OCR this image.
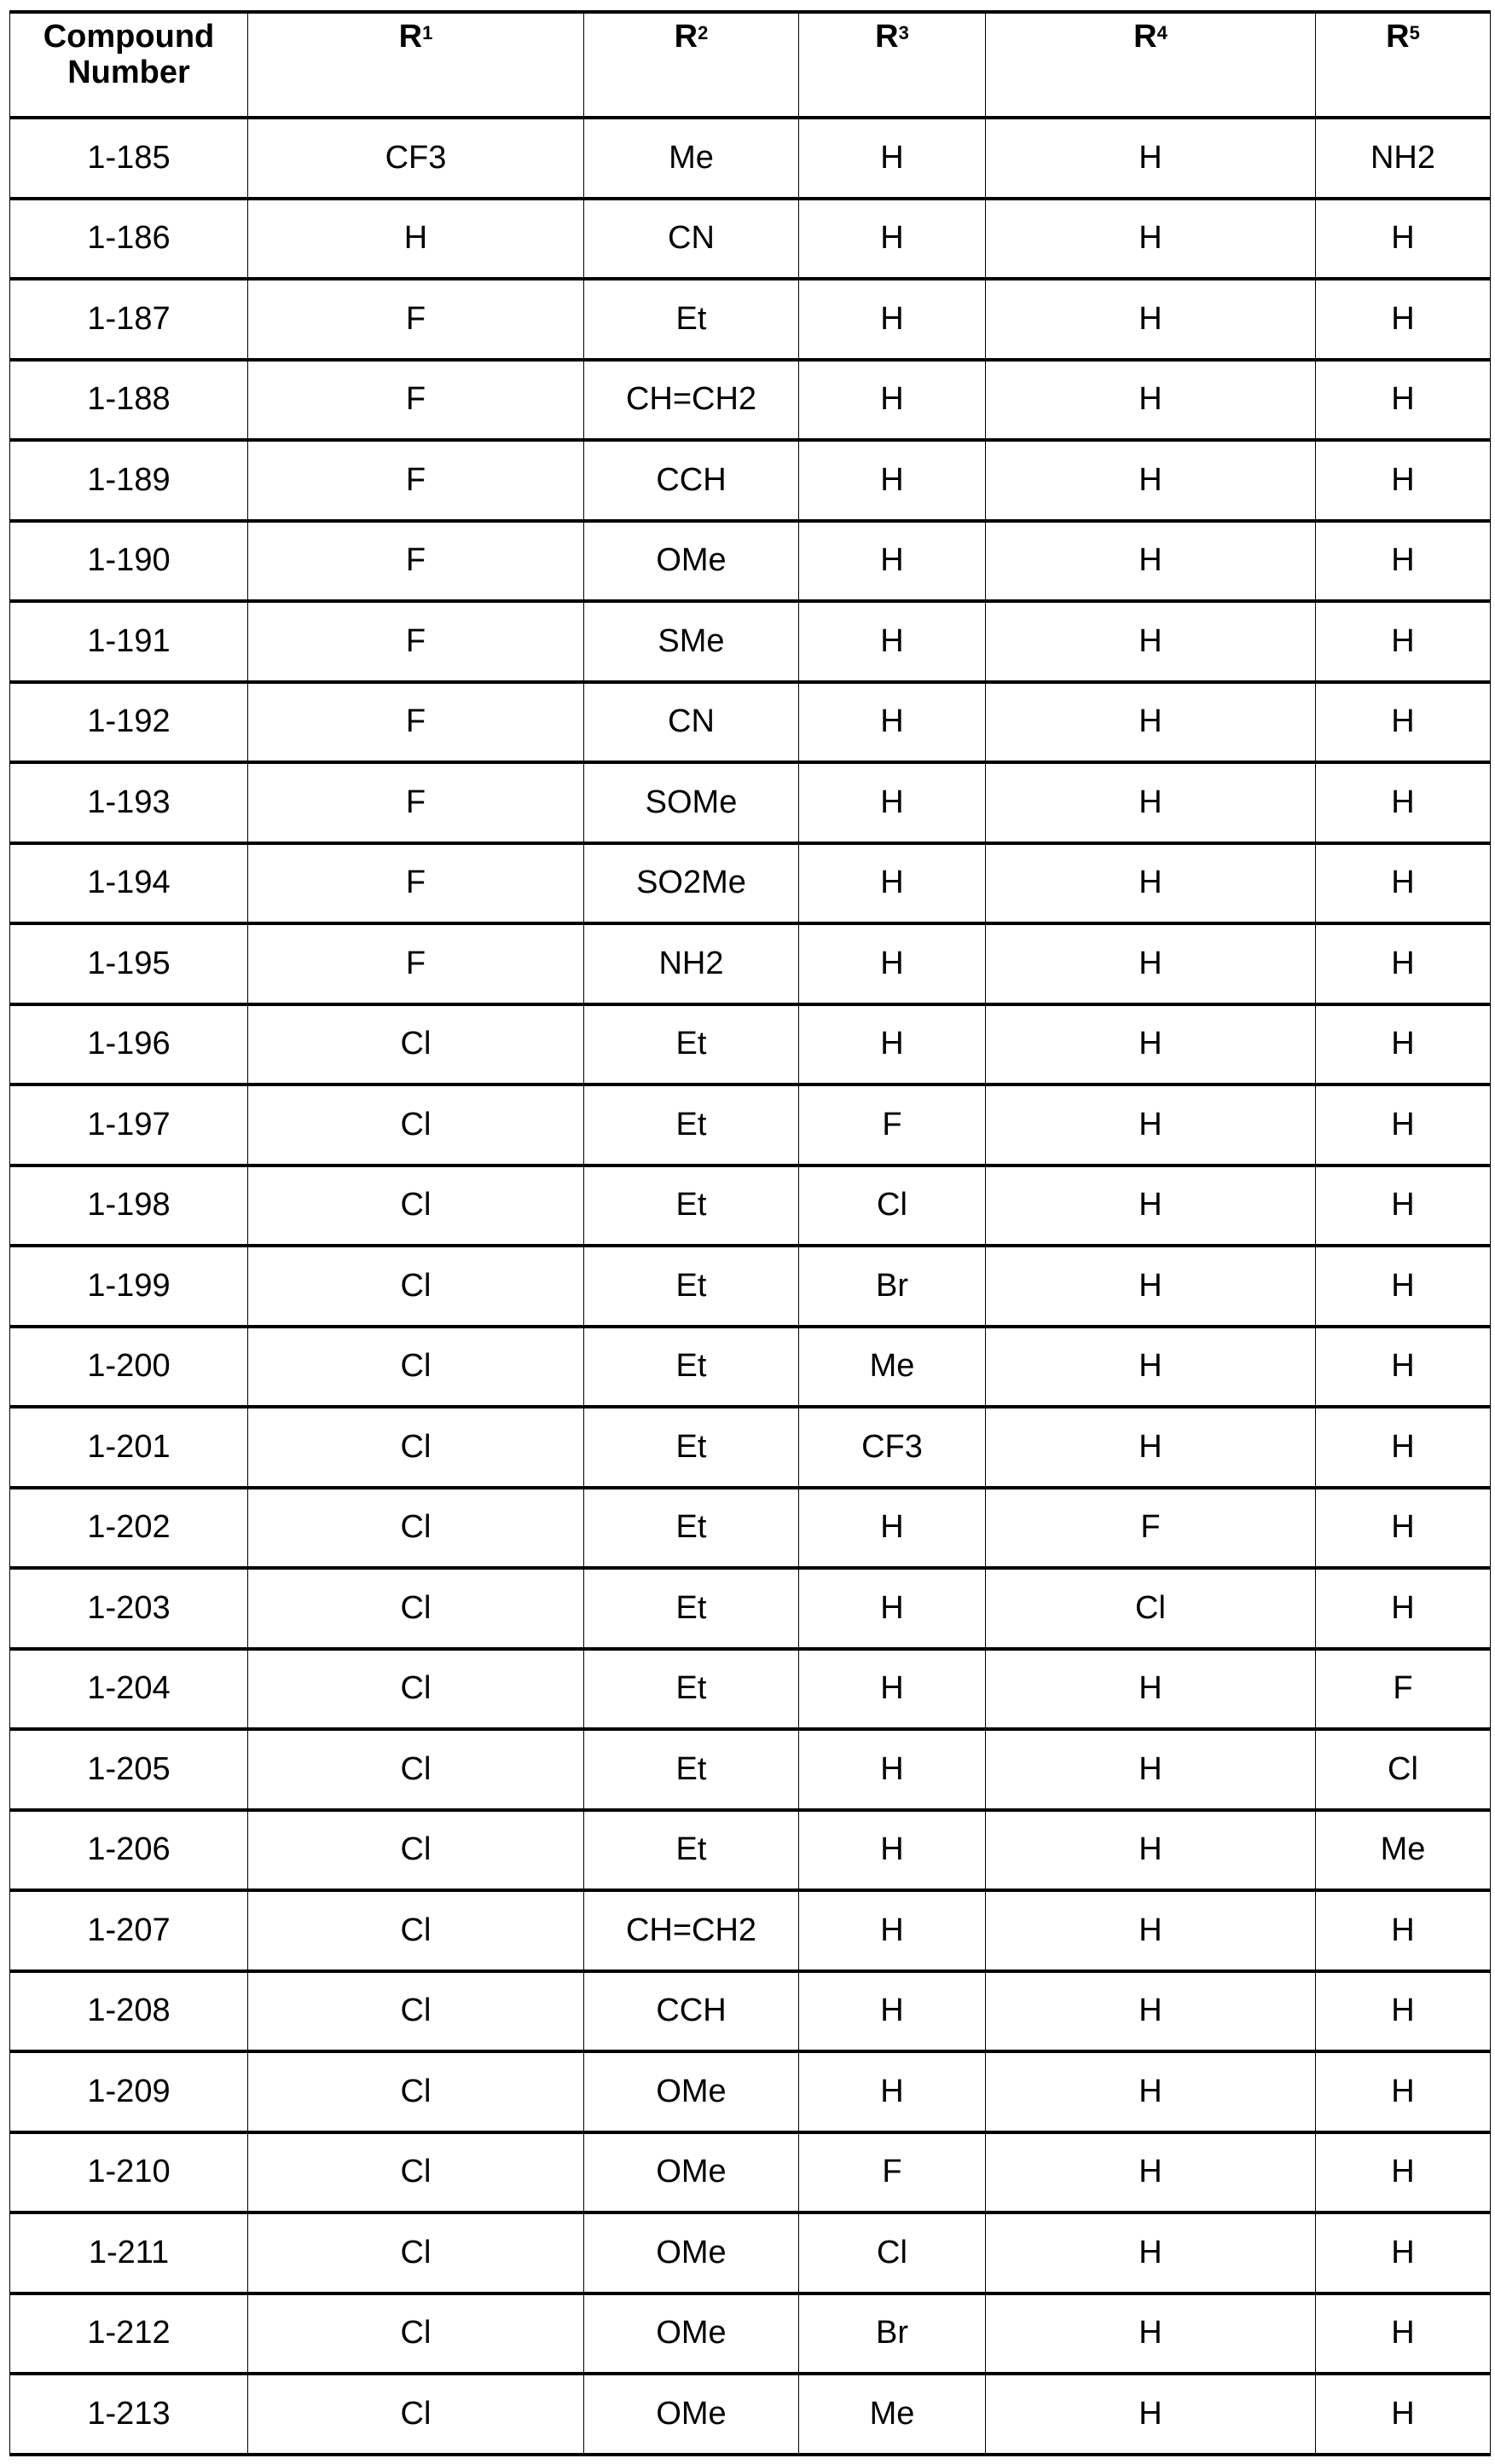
Compound Number	R1	R2	R3	R4	R5
1-185	CF3	Me	H	H	NH2
1-186	H	CN	H	H	H
1-187	F	Et	H	H	H
1-188	F	CH=CH2	H	H	H
1-189	F	CCH	H	H	H
1-190	F	OMe	H	H	H
1-191	F	SMe	H	H	H
1-192	F	CN	H	H	H
1-193	F	SOMe	H	H	H
1-194	F	SO2Me	H	H	H
1-195	F	NH2	H	H	H
1-196	Cl	Et	H	H	H
1-197	Cl	Et	F	H	H
1-198	Cl	Et	Cl	H	H
1-199	Cl	Et	Br	H	H
1-200	Cl	Et	Me	H	H
1-201	Cl	Et	CF3	H	H
1-202	Cl	Et	H	F	H
1-203	Cl	Et	H	Cl	H
1-204	Cl	Et	H	H	F
1-205	Cl	Et	H	H	Cl
1-206	Cl	Et	H	H	Me
1-207	Cl	CH=CH2	H	H	H
1-208	Cl	CCH	H	H	H
1-209	Cl	OMe	H	H	H
1-210	Cl	OMe	F	H	H
1-211	Cl	OMe	Cl	H	H
1-212	Cl	OMe	Br	H	H
1-213	Cl	OMe	Me	H	H
